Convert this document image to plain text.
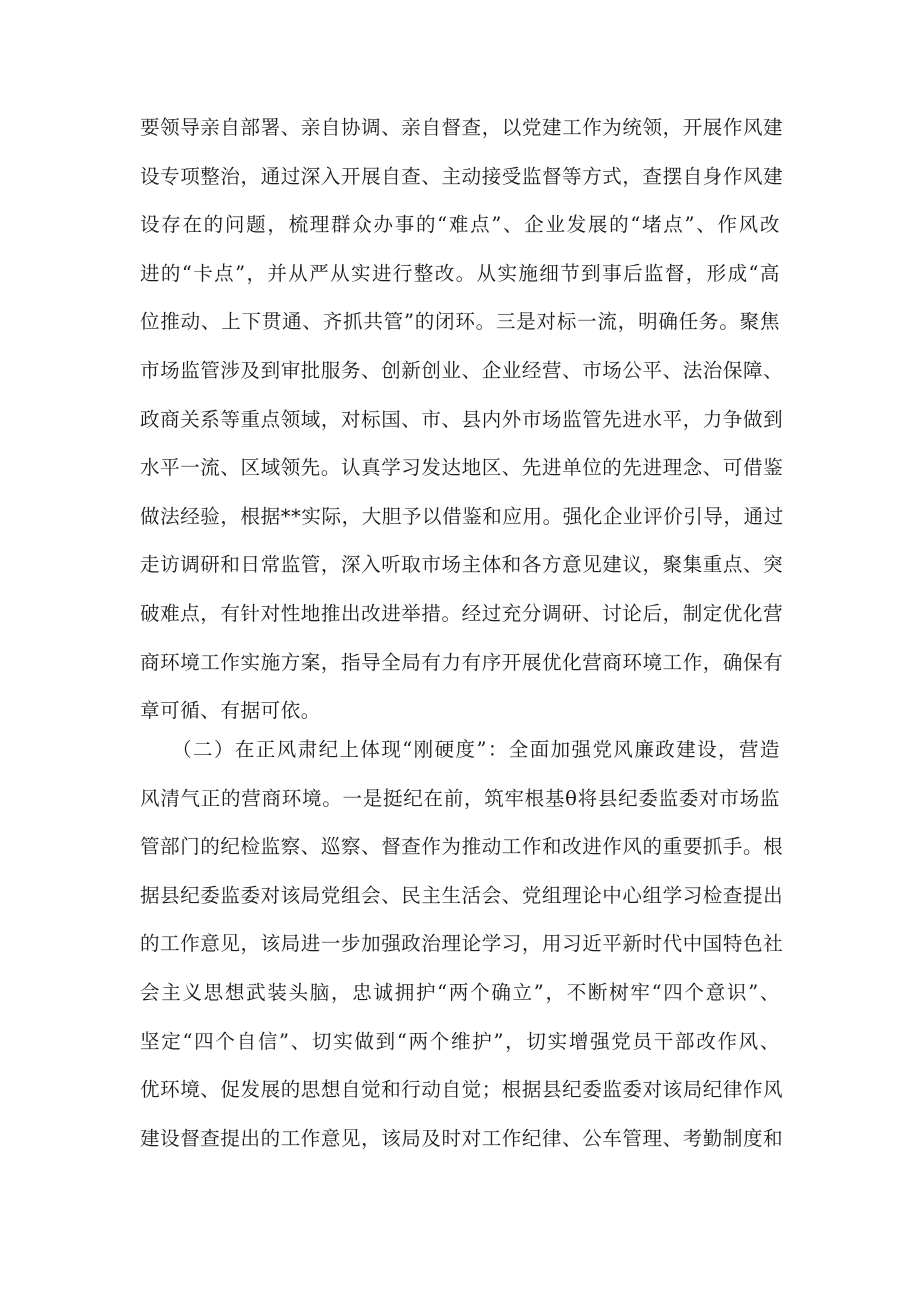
要领导亲自部署、亲自协调、亲自督查，以党建工作为统领，开展作风建
设专项整治，通过深入开展自查、主动接受监督等方式，查摆自身作风建
设存在的问题，梳理群众办事的“难点”、企业发展的“堵点”、作风改
进的“卡点”，并从严从实进行整改。从实施细节到事后监督，形成“高
位推动、上下贯通、齐抓共管”的闭环。三是对标一流，明确任务。聚焦
市场监管涉及到审批服务、创新创业、企业经营、市场公平、法治保障、
政商关系等重点领域，对标国、市、县内外市场监管先进水平，力争做到
水平一流、区域领先。认真学习发达地区、先进单位的先进理念、可借鉴
做法经验，根据**实际，大胆予以借鉴和应用。强化企业评价引导，通过
走访调研和日常监管，深入听取市场主体和各方意见建议，聚集重点、突
破难点，有针对性地推出改进举措。经过充分调研、讨论后，制定优化营
商环境工作实施方案，指导全局有力有序开展优化营商环境工作，确保有
章可循、有据可依。
　　（二）在正风肃纪上体现“刚硬度”：全面加强党风廉政建设，营造
风清气正的营商环境。一是挺纪在前，筑牢根基θ将县纪委监委对市场监
管部门的纪检监察、巡察、督查作为推动工作和改进作风的重要抓手。根
据县纪委监委对该局党组会、民主生活会、党组理论中心组学习检查提出
的工作意见，该局进一步加强政治理论学习，用习近平新时代中国特色社
会主义思想武装头脑，忠诚拥护“两个确立”，不断树牢“四个意识”、
坚定“四个自信”、切实做到“两个维护”，切实增强党员干部改作风、
优环境、促发展的思想自觉和行动自觉；根据县纪委监委对该局纪律作风
建设督查提出的工作意见，该局及时对工作纪律、公车管理、考勤制度和
